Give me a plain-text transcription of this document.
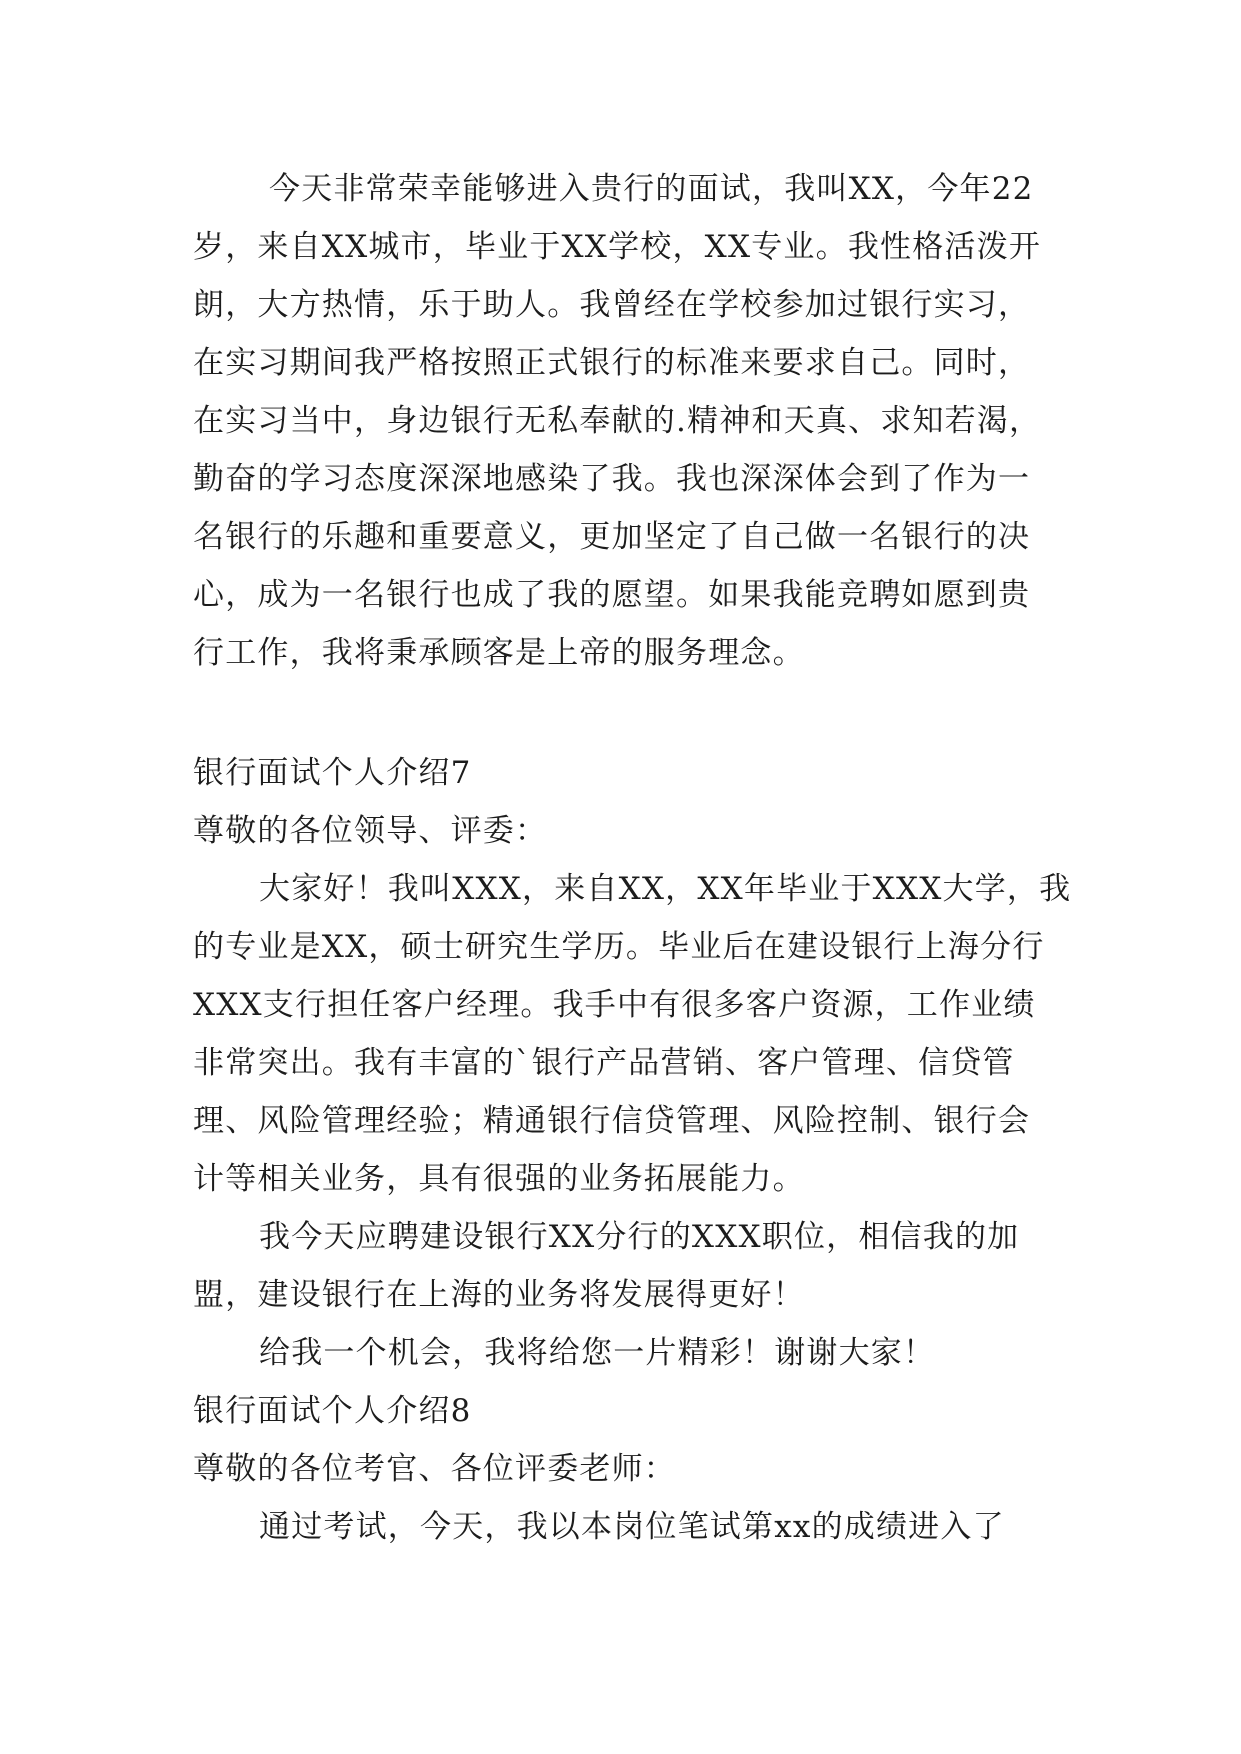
今天非常荣幸能够进入贵行的面试，我叫XX，今年22
岁，来自XX城市，毕业于XX学校，XX专业。我性格活泼开
朗，大方热情，乐于助人。我曾经在学校参加过银行实习，
在实习期间我严格按照正式银行的标准来要求自己。同时，
在实习当中，身边银行无私奉献的.精神和天真、求知若渴，
勤奋的学习态度深深地感染了我。我也深深体会到了作为一
名银行的乐趣和重要意义，更加坚定了自己做一名银行的决
心，成为一名银行也成了我的愿望。如果我能竞聘如愿到贵
行工作，我将秉承顾客是上帝的服务理念。
银行面试个人介绍7
尊敬的各位领导、评委：
大家好！我叫XXX，来自XX，XX年毕业于XXX大学，我
的专业是XX，硕士研究生学历。毕业后在建设银行上海分行
XXX支行担任客户经理。我手中有很多客户资源，工作业绩
非常突出。我有丰富的`银行产品营销、客户管理、信贷管
理、风险管理经验；精通银行信贷管理、风险控制、银行会
计等相关业务，具有很强的业务拓展能力。
我今天应聘建设银行XX分行的XXX职位，相信我的加
盟，建设银行在上海的业务将发展得更好！
给我一个机会，我将给您一片精彩！谢谢大家！
银行面试个人介绍8
尊敬的各位考官、各位评委老师：
通过考试，今天，我以本岗位笔试第xx的成绩进入了
